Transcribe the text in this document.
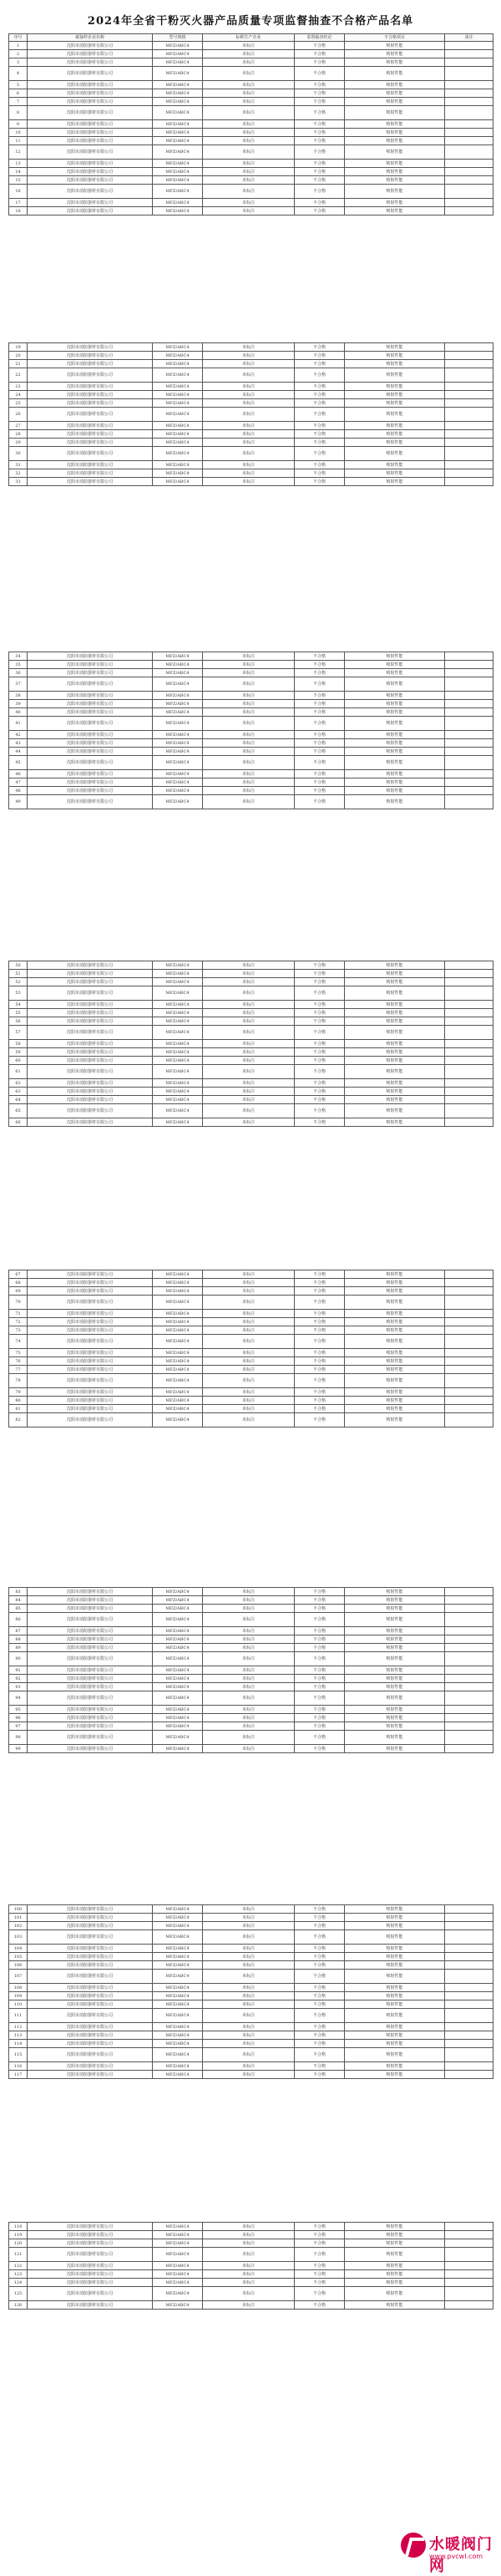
2024年全省干粉灭火器产品质量专项监督抽查不合格产品名单
序号	被抽样企业名称	型号规格	标称生产企业	监督抽查结论	不合格项目	备注
1	沈阳市消防器材有限公司	MFZ/ABC4	未标注	不合格	喷射性能	
2	沈阳市消防器材有限公司	MFZ/ABC4	未标注	不合格	喷射性能	
3	沈阳市消防器材有限公司	MFZ/ABC4	未标注	不合格	喷射性能	
4	沈阳市消防器材有限公司	MFZ/ABC4	未标注	不合格	喷射性能	
5	沈阳市消防器材有限公司	MFZ/ABC4	未标注	不合格	喷射性能	
6	沈阳市消防器材有限公司	MFZ/ABC4	未标注	不合格	喷射性能	
7	沈阳市消防器材有限公司	MFZ/ABC4	未标注	不合格	喷射性能	
8	沈阳市消防器材有限公司	MFZ/ABC4	未标注	不合格	喷射性能	
9	沈阳市消防器材有限公司	MFZ/ABC4	未标注	不合格	喷射性能	
10	沈阳市消防器材有限公司	MFZ/ABC4	未标注	不合格	喷射性能	
11	沈阳市消防器材有限公司	MFZ/ABC4	未标注	不合格	喷射性能	
12	沈阳市消防器材有限公司	MFZ/ABC4	未标注	不合格	喷射性能	
13	沈阳市消防器材有限公司	MFZ/ABC4	未标注	不合格	喷射性能	
14	沈阳市消防器材有限公司	MFZ/ABC4	未标注	不合格	喷射性能	
15	沈阳市消防器材有限公司	MFZ/ABC4	未标注	不合格	喷射性能	
16	沈阳市消防器材有限公司	MFZ/ABC4	未标注	不合格	喷射性能	
17	沈阳市消防器材有限公司	MFZ/ABC4	未标注	不合格	喷射性能	
18	沈阳市消防器材有限公司	MFZ/ABC4	未标注	不合格	喷射性能	
19	沈阳市消防器材有限公司	MFZ/ABC4	未标注	不合格	喷射性能	
20	沈阳市消防器材有限公司	MFZ/ABC4	未标注	不合格	喷射性能	
21	沈阳市消防器材有限公司	MFZ/ABC4	未标注	不合格	喷射性能	
22	沈阳市消防器材有限公司	MFZ/ABC4	未标注	不合格	喷射性能	
23	沈阳市消防器材有限公司	MFZ/ABC4	未标注	不合格	喷射性能	
24	沈阳市消防器材有限公司	MFZ/ABC4	未标注	不合格	喷射性能	
25	沈阳市消防器材有限公司	MFZ/ABC4	未标注	不合格	喷射性能	
26	沈阳市消防器材有限公司	MFZ/ABC4	未标注	不合格	喷射性能	
27	沈阳市消防器材有限公司	MFZ/ABC4	未标注	不合格	喷射性能	
28	沈阳市消防器材有限公司	MFZ/ABC4	未标注	不合格	喷射性能	
29	沈阳市消防器材有限公司	MFZ/ABC4	未标注	不合格	喷射性能	
30	沈阳市消防器材有限公司	MFZ/ABC4	未标注	不合格	喷射性能	
31	沈阳市消防器材有限公司	MFZ/ABC4	未标注	不合格	喷射性能	
32	沈阳市消防器材有限公司	MFZ/ABC4	未标注	不合格	喷射性能	
33	沈阳市消防器材有限公司	MFZ/ABC4	未标注	不合格	喷射性能	
34	沈阳市消防器材有限公司	MFZ/ABC4	未标注	不合格	喷射性能	
35	沈阳市消防器材有限公司	MFZ/ABC4	未标注	不合格	喷射性能	
36	沈阳市消防器材有限公司	MFZ/ABC4	未标注	不合格	喷射性能	
37	沈阳市消防器材有限公司	MFZ/ABC4	未标注	不合格	喷射性能	
38	沈阳市消防器材有限公司	MFZ/ABC4	未标注	不合格	喷射性能	
39	沈阳市消防器材有限公司	MFZ/ABC4	未标注	不合格	喷射性能	
40	沈阳市消防器材有限公司	MFZ/ABC4	未标注	不合格	喷射性能	
41	沈阳市消防器材有限公司	MFZ/ABC4	未标注	不合格	喷射性能	
42	沈阳市消防器材有限公司	MFZ/ABC4	未标注	不合格	喷射性能	
43	沈阳市消防器材有限公司	MFZ/ABC4	未标注	不合格	喷射性能	
44	沈阳市消防器材有限公司	MFZ/ABC4	未标注	不合格	喷射性能	
45	沈阳市消防器材有限公司	MFZ/ABC4	未标注	不合格	喷射性能	
46	沈阳市消防器材有限公司	MFZ/ABC4	未标注	不合格	喷射性能	
47	沈阳市消防器材有限公司	MFZ/ABC4	未标注	不合格	喷射性能	
48	沈阳市消防器材有限公司	MFZ/ABC4	未标注	不合格	喷射性能	
49	沈阳市消防器材有限公司	MFZ/ABC4	未标注	不合格	喷射性能	
50	沈阳市消防器材有限公司	MFZ/ABC4	未标注	不合格	喷射性能	
51	沈阳市消防器材有限公司	MFZ/ABC4	未标注	不合格	喷射性能	
52	沈阳市消防器材有限公司	MFZ/ABC4	未标注	不合格	喷射性能	
53	沈阳市消防器材有限公司	MFZ/ABC4	未标注	不合格	喷射性能	
54	沈阳市消防器材有限公司	MFZ/ABC4	未标注	不合格	喷射性能	
55	沈阳市消防器材有限公司	MFZ/ABC4	未标注	不合格	喷射性能	
56	沈阳市消防器材有限公司	MFZ/ABC4	未标注	不合格	喷射性能	
57	沈阳市消防器材有限公司	MFZ/ABC4	未标注	不合格	喷射性能	
58	沈阳市消防器材有限公司	MFZ/ABC4	未标注	不合格	喷射性能	
59	沈阳市消防器材有限公司	MFZ/ABC4	未标注	不合格	喷射性能	
60	沈阳市消防器材有限公司	MFZ/ABC4	未标注	不合格	喷射性能	
61	沈阳市消防器材有限公司	MFZ/ABC4	未标注	不合格	喷射性能	
62	沈阳市消防器材有限公司	MFZ/ABC4	未标注	不合格	喷射性能	
63	沈阳市消防器材有限公司	MFZ/ABC4	未标注	不合格	喷射性能	
64	沈阳市消防器材有限公司	MFZ/ABC4	未标注	不合格	喷射性能	
65	沈阳市消防器材有限公司	MFZ/ABC4	未标注	不合格	喷射性能	
66	沈阳市消防器材有限公司	MFZ/ABC4	未标注	不合格	喷射性能	
67	沈阳市消防器材有限公司	MFZ/ABC4	未标注	不合格	喷射性能	
68	沈阳市消防器材有限公司	MFZ/ABC4	未标注	不合格	喷射性能	
69	沈阳市消防器材有限公司	MFZ/ABC4	未标注	不合格	喷射性能	
70	沈阳市消防器材有限公司	MFZ/ABC4	未标注	不合格	喷射性能	
71	沈阳市消防器材有限公司	MFZ/ABC4	未标注	不合格	喷射性能	
72	沈阳市消防器材有限公司	MFZ/ABC4	未标注	不合格	喷射性能	
73	沈阳市消防器材有限公司	MFZ/ABC4	未标注	不合格	喷射性能	
74	沈阳市消防器材有限公司	MFZ/ABC4	未标注	不合格	喷射性能	
75	沈阳市消防器材有限公司	MFZ/ABC4	未标注	不合格	喷射性能	
76	沈阳市消防器材有限公司	MFZ/ABC4	未标注	不合格	喷射性能	
77	沈阳市消防器材有限公司	MFZ/ABC4	未标注	不合格	喷射性能	
78	沈阳市消防器材有限公司	MFZ/ABC4	未标注	不合格	喷射性能	
79	沈阳市消防器材有限公司	MFZ/ABC4	未标注	不合格	喷射性能	
80	沈阳市消防器材有限公司	MFZ/ABC4	未标注	不合格	喷射性能	
81	沈阳市消防器材有限公司	MFZ/ABC4	未标注	不合格	喷射性能	
82	沈阳市消防器材有限公司	MFZ/ABC4	未标注	不合格	喷射性能	
83	沈阳市消防器材有限公司	MFZ/ABC4	未标注	不合格	喷射性能	
84	沈阳市消防器材有限公司	MFZ/ABC4	未标注	不合格	喷射性能	
85	沈阳市消防器材有限公司	MFZ/ABC4	未标注	不合格	喷射性能	
86	沈阳市消防器材有限公司	MFZ/ABC4	未标注	不合格	喷射性能	
87	沈阳市消防器材有限公司	MFZ/ABC4	未标注	不合格	喷射性能	
88	沈阳市消防器材有限公司	MFZ/ABC4	未标注	不合格	喷射性能	
89	沈阳市消防器材有限公司	MFZ/ABC4	未标注	不合格	喷射性能	
90	沈阳市消防器材有限公司	MFZ/ABC4	未标注	不合格	喷射性能	
91	沈阳市消防器材有限公司	MFZ/ABC4	未标注	不合格	喷射性能	
92	沈阳市消防器材有限公司	MFZ/ABC4	未标注	不合格	喷射性能	
93	沈阳市消防器材有限公司	MFZ/ABC4	未标注	不合格	喷射性能	
94	沈阳市消防器材有限公司	MFZ/ABC4	未标注	不合格	喷射性能	
95	沈阳市消防器材有限公司	MFZ/ABC4	未标注	不合格	喷射性能	
96	沈阳市消防器材有限公司	MFZ/ABC4	未标注	不合格	喷射性能	
97	沈阳市消防器材有限公司	MFZ/ABC4	未标注	不合格	喷射性能	
98	沈阳市消防器材有限公司	MFZ/ABC4	未标注	不合格	喷射性能	
99	沈阳市消防器材有限公司	MFZ/ABC4	未标注	不合格	喷射性能	
100	沈阳市消防器材有限公司	MFZ/ABC4	未标注	不合格	喷射性能	
101	沈阳市消防器材有限公司	MFZ/ABC4	未标注	不合格	喷射性能	
102	沈阳市消防器材有限公司	MFZ/ABC4	未标注	不合格	喷射性能	
103	沈阳市消防器材有限公司	MFZ/ABC4	未标注	不合格	喷射性能	
104	沈阳市消防器材有限公司	MFZ/ABC4	未标注	不合格	喷射性能	
105	沈阳市消防器材有限公司	MFZ/ABC4	未标注	不合格	喷射性能	
106	沈阳市消防器材有限公司	MFZ/ABC4	未标注	不合格	喷射性能	
107	沈阳市消防器材有限公司	MFZ/ABC4	未标注	不合格	喷射性能	
108	沈阳市消防器材有限公司	MFZ/ABC4	未标注	不合格	喷射性能	
109	沈阳市消防器材有限公司	MFZ/ABC4	未标注	不合格	喷射性能	
110	沈阳市消防器材有限公司	MFZ/ABC4	未标注	不合格	喷射性能	
111	沈阳市消防器材有限公司	MFZ/ABC4	未标注	不合格	喷射性能	
112	沈阳市消防器材有限公司	MFZ/ABC4	未标注	不合格	喷射性能	
113	沈阳市消防器材有限公司	MFZ/ABC4	未标注	不合格	喷射性能	
114	沈阳市消防器材有限公司	MFZ/ABC4	未标注	不合格	喷射性能	
115	沈阳市消防器材有限公司	MFZ/ABC4	未标注	不合格	喷射性能	
116	沈阳市消防器材有限公司	MFZ/ABC4	未标注	不合格	喷射性能	
117	沈阳市消防器材有限公司	MFZ/ABC4	未标注	不合格	喷射性能	
118	沈阳市消防器材有限公司	MFZ/ABC4	未标注	不合格	喷射性能	
119	沈阳市消防器材有限公司	MFZ/ABC4	未标注	不合格	喷射性能	
120	沈阳市消防器材有限公司	MFZ/ABC4	未标注	不合格	喷射性能	
121	沈阳市消防器材有限公司	MFZ/ABC4	未标注	不合格	喷射性能	
122	沈阳市消防器材有限公司	MFZ/ABC4	未标注	不合格	喷射性能	
123	沈阳市消防器材有限公司	MFZ/ABC4	未标注	不合格	喷射性能	
124	沈阳市消防器材有限公司	MFZ/ABC4	未标注	不合格	喷射性能	
125	沈阳市消防器材有限公司	MFZ/ABC4	未标注	不合格	喷射性能	
126	沈阳市消防器材有限公司	MFZ/ABC4	未标注	不合格	喷射性能	
水暖阀门网
www.pvcwl.com
